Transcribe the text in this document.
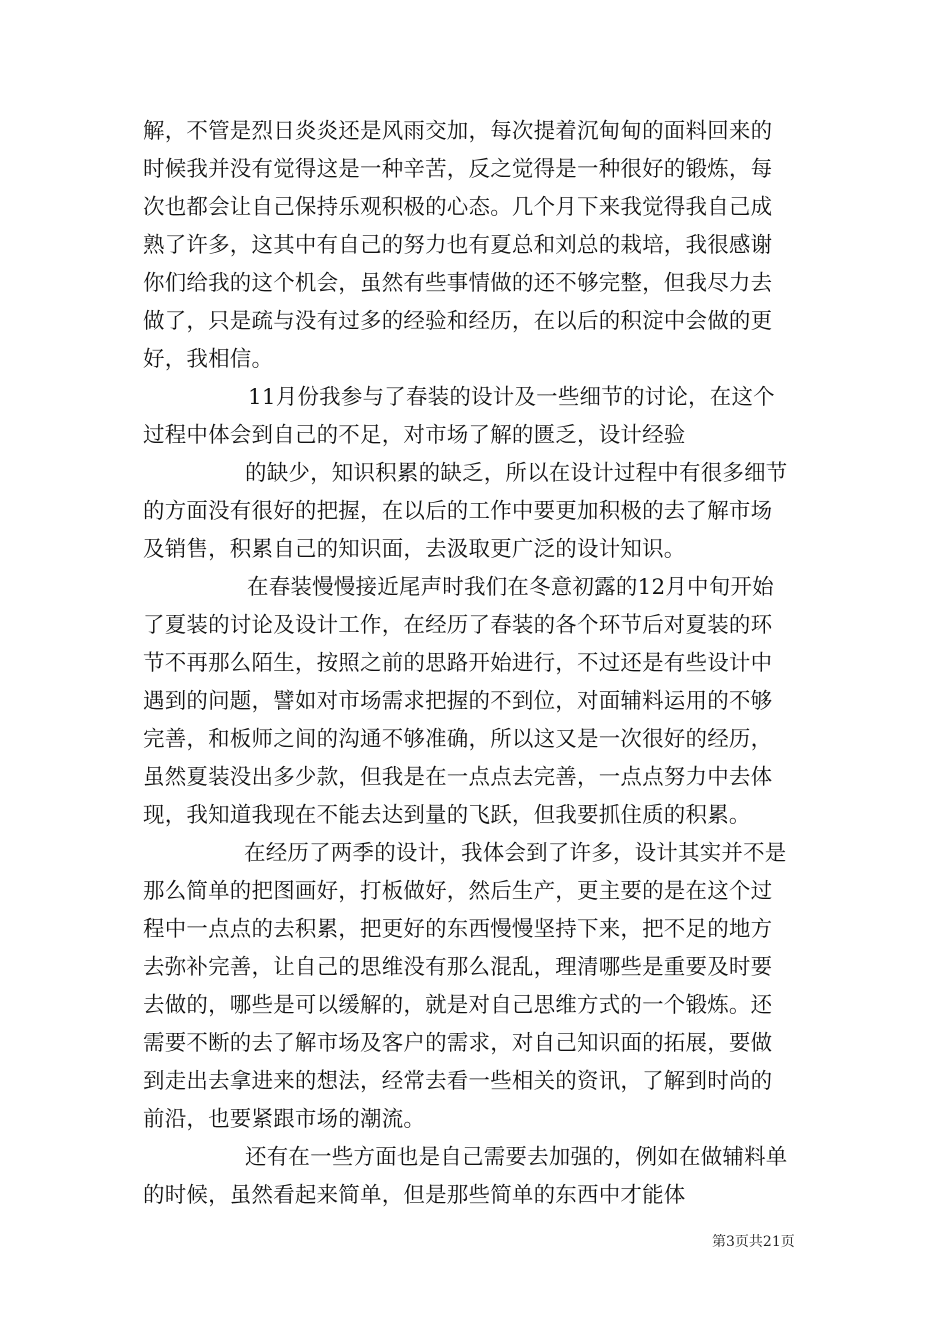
解，不管是烈日炎炎还是风雨交加，每次提着沉甸甸的面料回来的
时候我并没有觉得这是一种辛苦，反之觉得是一种很好的锻炼，每
次也都会让自己保持乐观积极的心态。几个月下来我觉得我自己成
熟了许多，这其中有自己的努力也有夏总和刘总的栽培，我很感谢
你们给我的这个机会，虽然有些事情做的还不够完整，但我尽力去
做了，只是疏与没有过多的经验和经历，在以后的积淀中会做的更
好，我相信。
11月份我参与了春装的设计及一些细节的讨论，在这个
过程中体会到自己的不足，对市场了解的匮乏，设计经验
的缺少，知识积累的缺乏，所以在设计过程中有很多细节
的方面没有很好的把握，在以后的工作中要更加积极的去了解市场
及销售，积累自己的知识面，去汲取更广泛的设计知识。
在春装慢慢接近尾声时我们在冬意初露的12月中旬开始
了夏装的讨论及设计工作，在经历了春装的各个环节后对夏装的环
节不再那么陌生，按照之前的思路开始进行，不过还是有些设计中
遇到的问题，譬如对市场需求把握的不到位，对面辅料运用的不够
完善，和板师之间的沟通不够准确，所以这又是一次很好的经历，
虽然夏装没出多少款，但我是在一点点去完善，一点点努力中去体
现，我知道我现在不能去达到量的飞跃，但我要抓住质的积累。
在经历了两季的设计，我体会到了许多，设计其实并不是
那么简单的把图画好，打板做好，然后生产，更主要的是在这个过
程中一点点的去积累，把更好的东西慢慢坚持下来，把不足的地方
去弥补完善，让自己的思维没有那么混乱，理清哪些是重要及时要
去做的，哪些是可以缓解的，就是对自己思维方式的一个锻炼。还
需要不断的去了解市场及客户的需求，对自己知识面的拓展，要做
到走出去拿进来的想法，经常去看一些相关的资讯，了解到时尚的
前沿，也要紧跟市场的潮流。
还有在一些方面也是自己需要去加强的，例如在做辅料单
的时候，虽然看起来简单，但是那些简单的东西中才能体
第3页共21页
